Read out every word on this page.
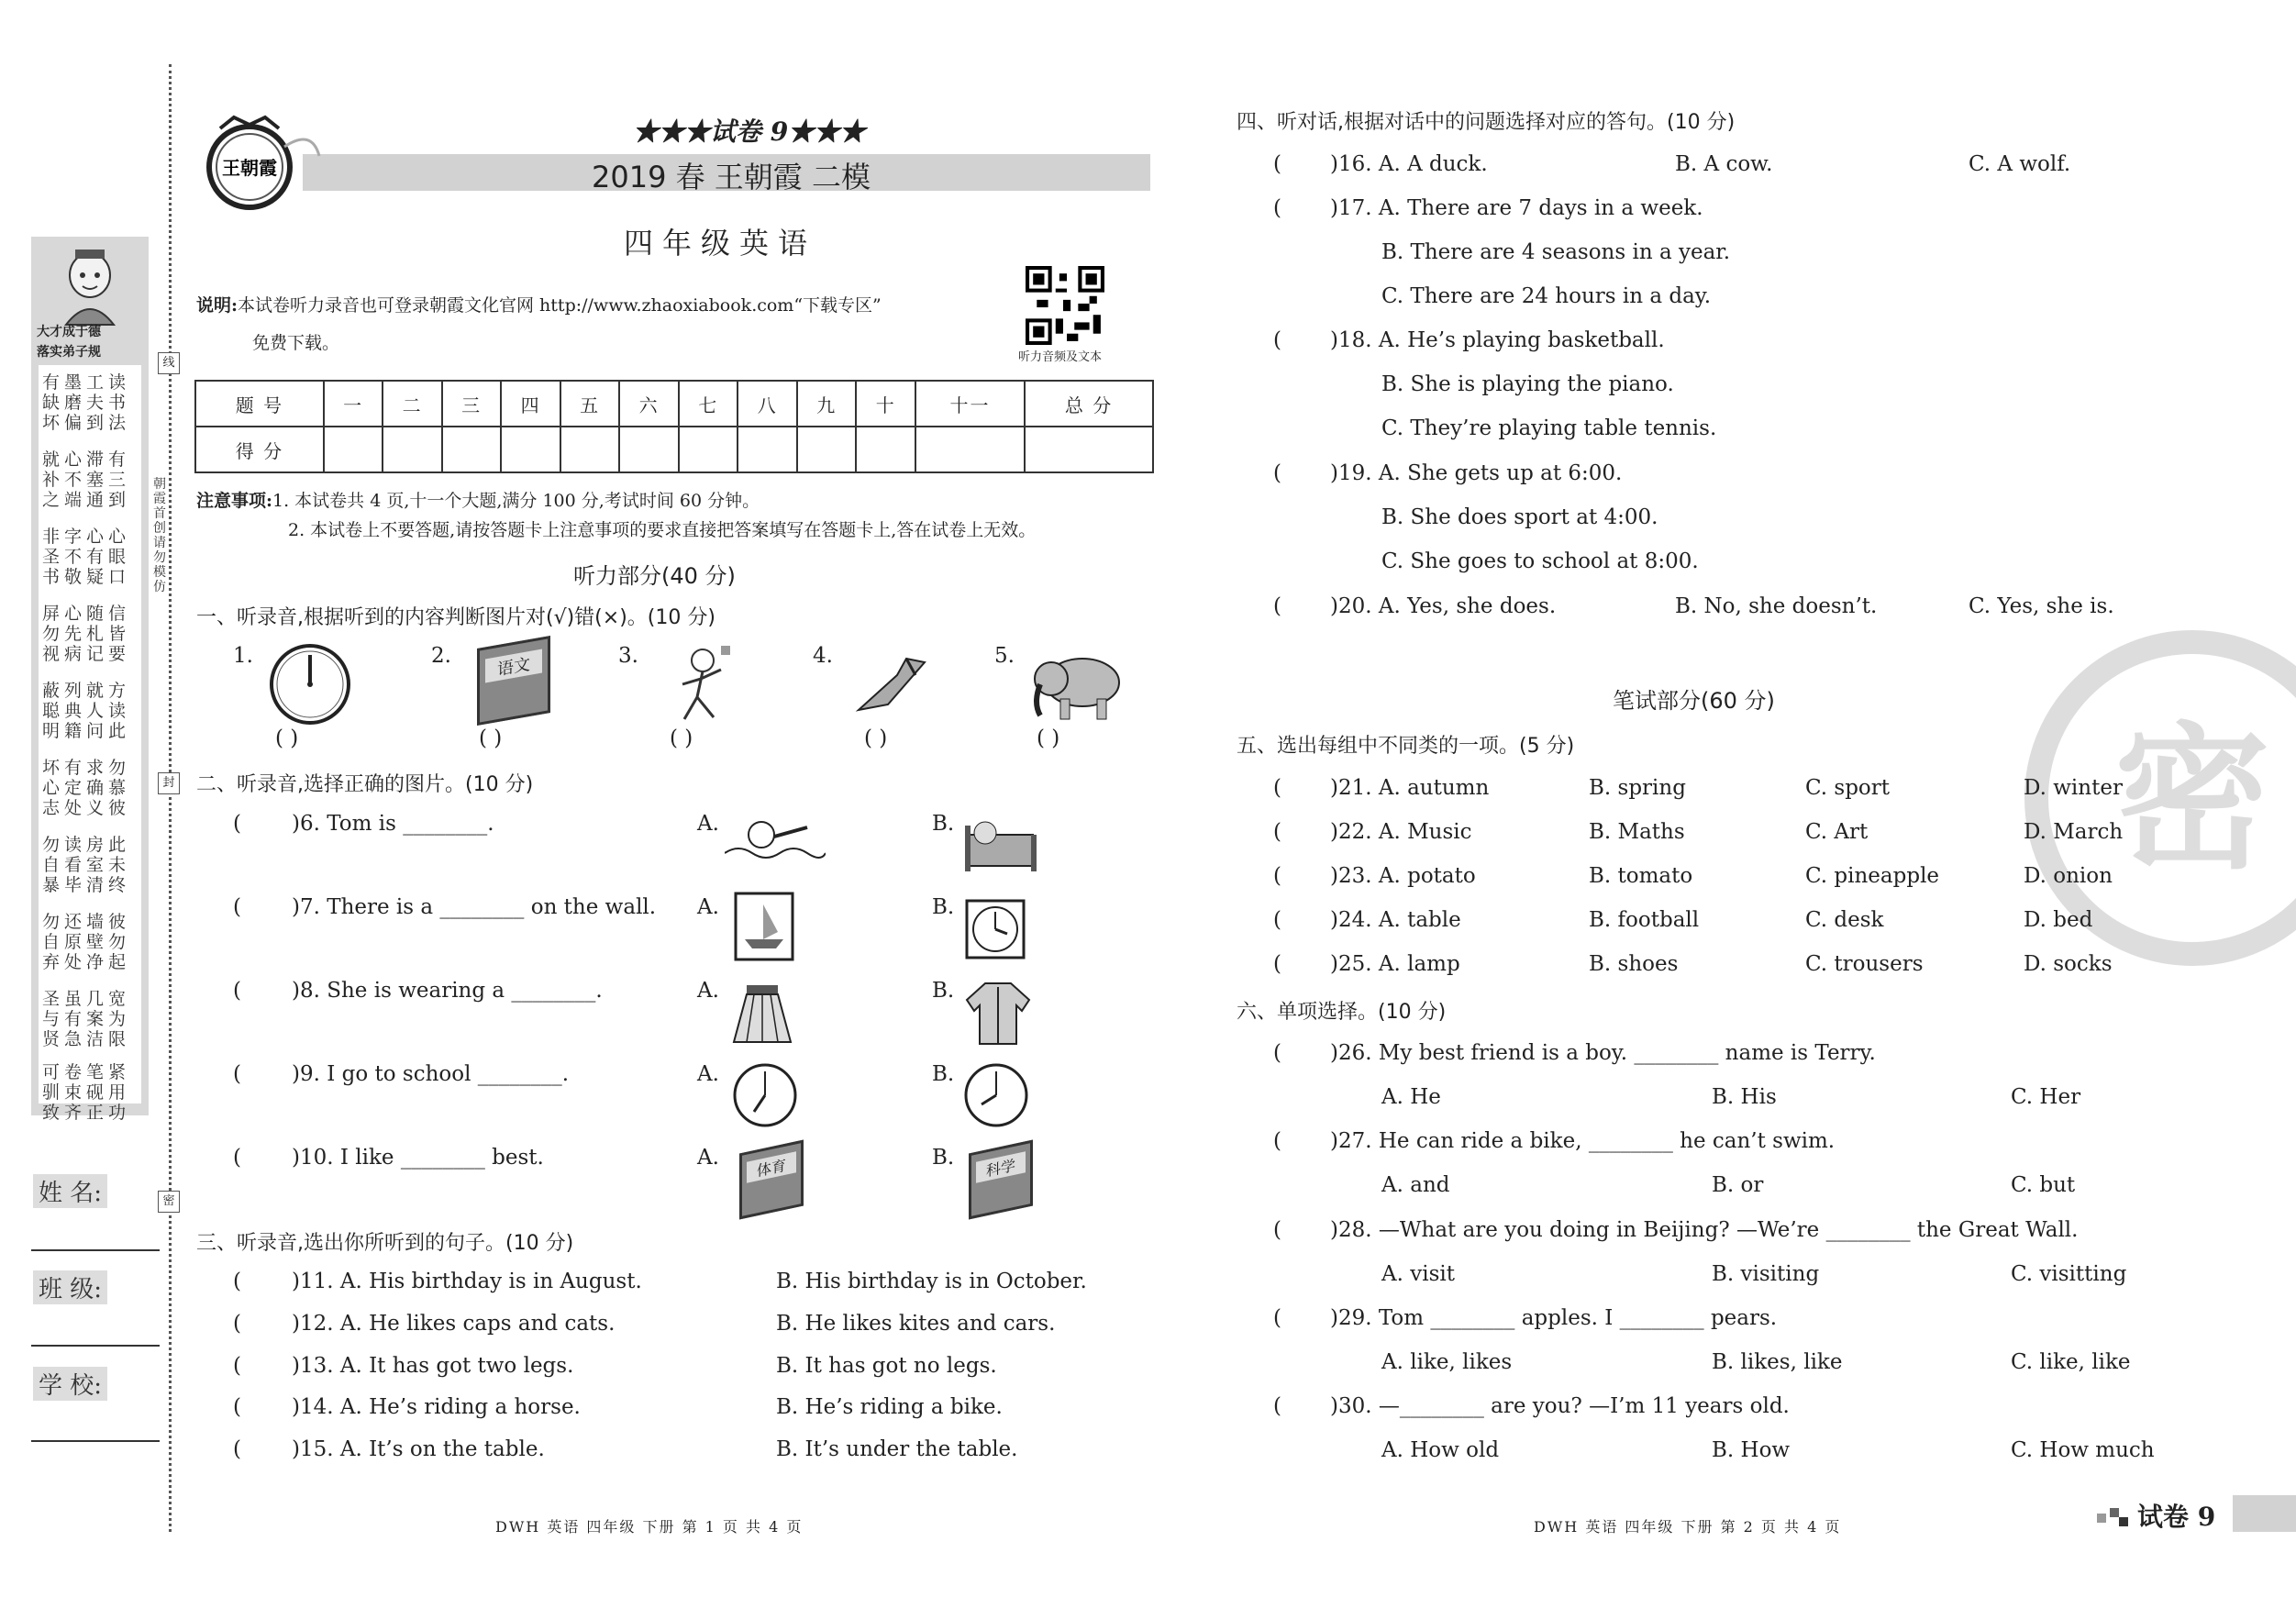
大才成于德
落实弟子规
有墨工读
缺磨夫书
坏偏到法
就心滞有
补不塞三
之端通到
非字心心
圣不有眼
书敬疑口
屏心随信
勿先札皆
视病记要
蔽列就方
聪典人读
明籍问此
坏有求勿
心定确慕
志处义彼
勿读房此
自看室未
暴毕清终
勿还墙彼
自原壁勿
弃处净起
圣虽几宽
与有案为
贤急洁限
可卷笔紧
驯束砚用
致齐正功
姓 名:
班 级:
学 校:
线
封
密
朝霞首创 请勿模仿
王朝霞
★★★试卷 9★★★
2019 春 王朝霞 二模
四年级英语
说明:本试卷听力录音也可登录朝霞文化官网 http://www.zhaoxiabook.com“下载专区”
免费下载。
听力音频及文本
题 号	一	二	三	四	五	六	七	八	九	十	十一	总 分
得 分												
注意事项:1. 本试卷共 4 页,十一个大题,满分 100 分,考试时间 60 分钟。
2. 本试卷上不要答题,请按答题卡上注意事项的要求直接把答案填写在答题卡上,答在试卷上无效。
听力部分(40 分)
一、听录音,根据听到的内容判断图片对(√)错(×)。(10 分)
1.
( )
2.	语文
( )
3.
( )
4.
( )
5.
( )
二、听录音,选择正确的图片。(10 分)
( )6. Tom is ________.	A.	B.
( )7. There is a ________ on the wall. A.	B.
( )8. She is wearing a ________.	A.	B.
( )9. I go to school ________.	A.	B.
( )10. I like ________ best.	A.	体育	B.	科学
三、听录音,选出你所听到的句子。(10 分)
( )11. A. His birthday is in August.	B. His birthday is in October.
( )12. A. He likes caps and cats.	B. He likes kites and cars.
( )13. A. It has got two legs.	B. It has got no legs.
( )14. A. He’s riding a horse.	B. He’s riding a bike.
( )15. A. It’s on the table.	B. It’s under the table.
DWH 英语 四年级 下册 第 1 页 共 4 页
密
四、听对话,根据对话中的问题选择对应的答句。(10 分)
( )16. A. A duck.	B. A cow.	C. A wolf.
( )17. A. There are 7 days in a week.
B. There are 4 seasons in a year.
C. There are 24 hours in a day.
( )18. A. He’s playing basketball.
B. She is playing the piano.
C. They’re playing table tennis.
( )19. A. She gets up at 6:00.
B. She does sport at 4:00.
C. She goes to school at 8:00.
( )20. A. Yes, she does.	B. No, she doesn’t.	C. Yes, she is.
笔试部分(60 分)
五、选出每组中不同类的一项。(5 分)
( )21. A. autumn	B. spring	C. sport	D. winter
( )22. A. Music	B. Maths	C. Art	D. March
( )23. A. potato	B. tomato	C. pineapple	D. onion
( )24. A. table	B. football	C. desk	D. bed
( )25. A. lamp	B. shoes	C. trousers	D. socks
六、单项选择。(10 分)
( )26. My best friend is a boy. ________ name is Terry.
A. He	B. His	C. Her
( )27. He can ride a bike, ________ he can’t swim.
A. and	B. or	C. but
( )28. —What are you doing in Beijing? —We’re ________ the Great Wall.
A. visit	B. visiting	C. visitting
( )29. Tom ________ apples. I ________ pears.
A. like, likes	B. likes, like	C. like, like
( )30. —________ are you? —I’m 11 years old.
A. How old	B. How	C. How much
DWH 英语 四年级 下册 第 2 页 共 4 页	试卷 9
